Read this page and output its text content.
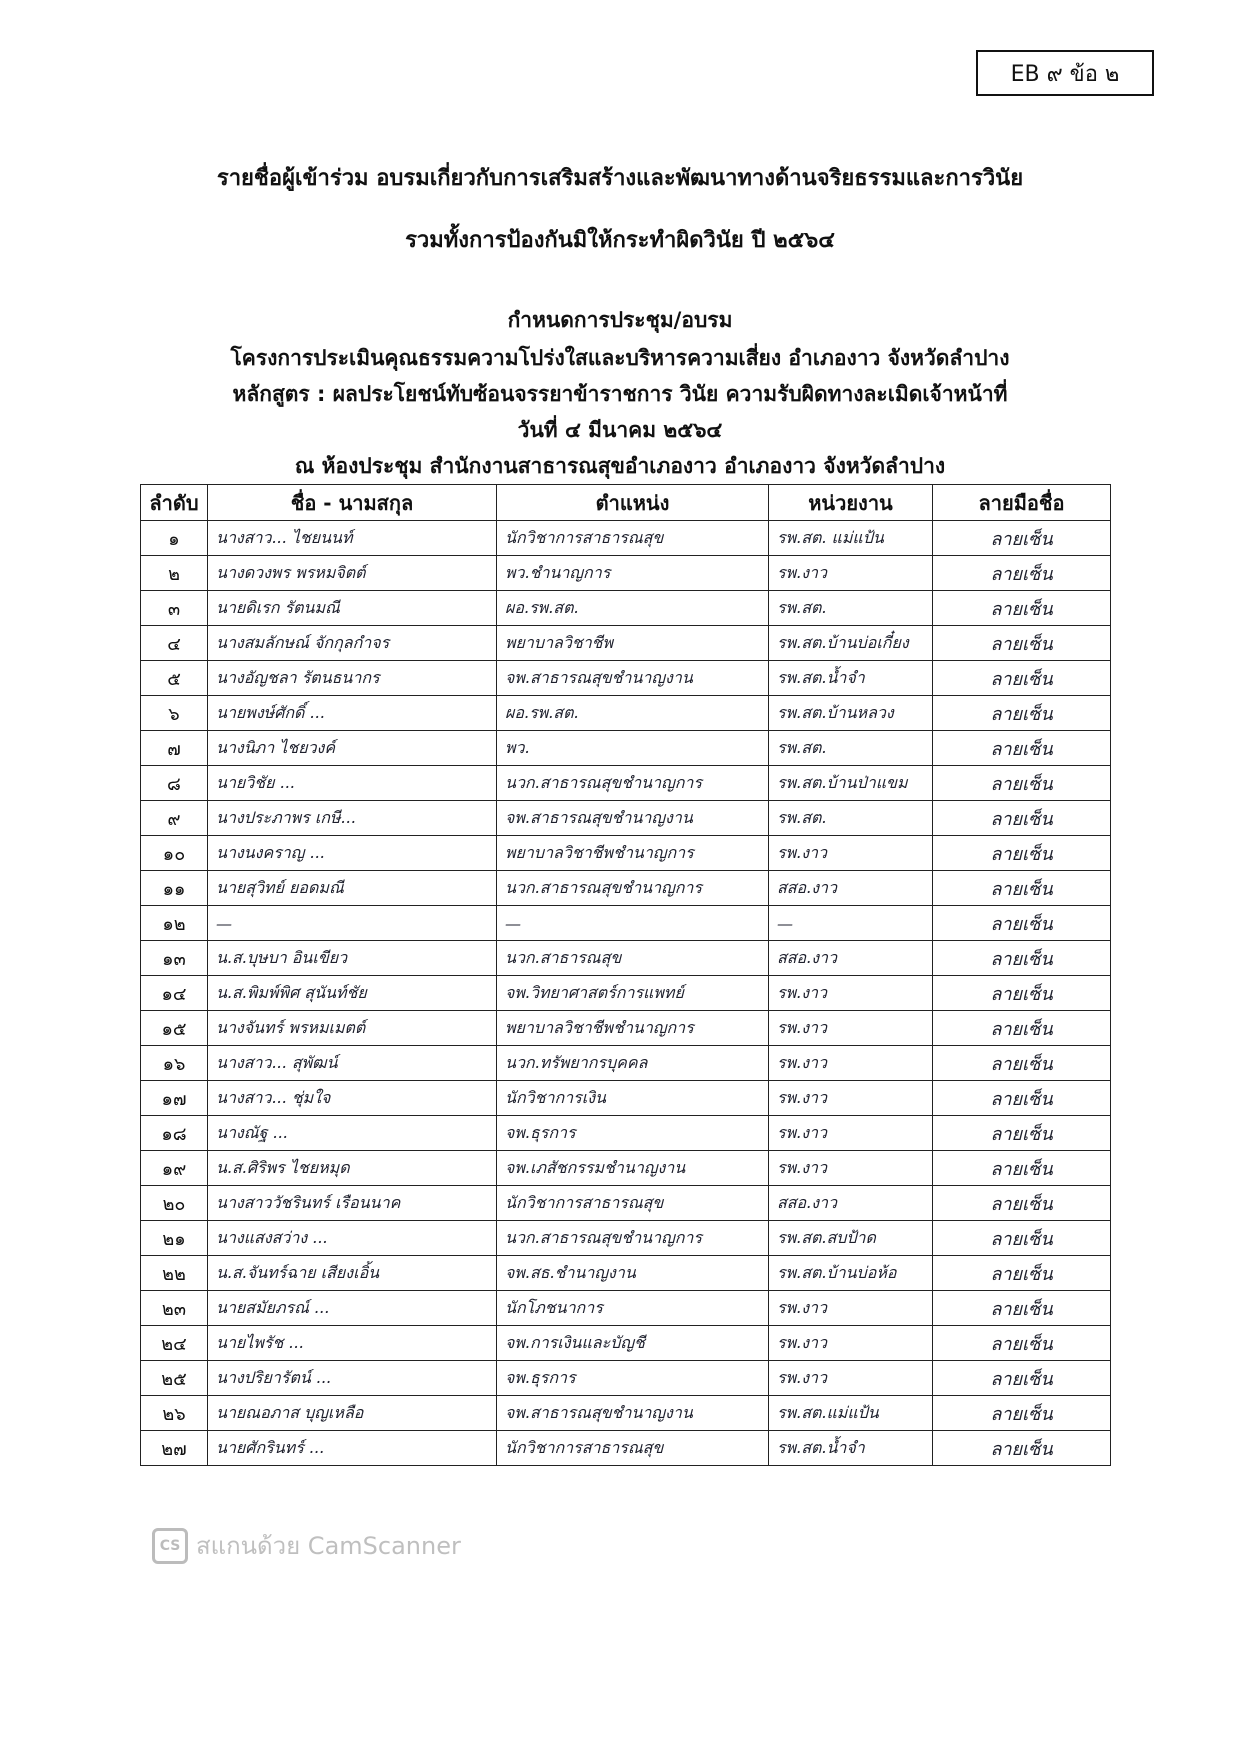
EB ๙ ข้อ ๒
รายชื่อผู้เข้าร่วม อบรมเกี่ยวกับการเสริมสร้างและพัฒนาทางด้านจริยธรรมและการวินัย
รวมทั้งการป้องกันมิให้กระทำผิดวินัย ปี ๒๕๖๔
กำหนดการประชุม/อบรม
โครงการประเมินคุณธรรมความโปร่งใสและบริหารความเสี่ยง อำเภองาว จังหวัดลำปาง
หลักสูตร : ผลประโยชน์ทับซ้อนจรรยาข้าราชการ วินัย ความรับผิดทางละเมิดเจ้าหน้าที่
วันที่ ๔ มีนาคม ๒๕๖๔
ณ ห้องประชุม สำนักงานสาธารณสุขอำเภองาว อำเภองาว จังหวัดลำปาง
ลำดับ	ชื่อ - นามสกุล	ตำแหน่ง	หน่วยงาน	ลายมือชื่อ
๑	นางสาว... ไชยนนท์	นักวิชาการสาธารณสุข	รพ.สต. แม่แป้น	ลายเซ็น
๒	นางดวงพร พรหมจิตต์	พว.ชำนาญการ	รพ.งาว	ลายเซ็น
๓	นายดิเรก รัตนมณี	ผอ.รพ.สต.	รพ.สต.	ลายเซ็น
๔	นางสมลักษณ์ จักกุลกำจร	พยาบาลวิชาชีพ	รพ.สต.บ้านบ่อเกี๋ยง	ลายเซ็น
๕	นางอัญชลา รัตนธนากร	จพ.สาธารณสุขชำนาญงาน	รพ.สต.น้ำจำ	ลายเซ็น
๖	นายพงษ์ศักดิ์ ...	ผอ.รพ.สต.	รพ.สต.บ้านหลวง	ลายเซ็น
๗	นางนิภา ไชยวงค์	พว.	รพ.สต.	ลายเซ็น
๘	นายวิชัย ...	นวก.สาธารณสุขชำนาญการ	รพ.สต.บ้านป่าแขม	ลายเซ็น
๙	นางประภาพร เกษี...	จพ.สาธารณสุขชำนาญงาน	รพ.สต.	ลายเซ็น
๑๐	นางนงคราญ ...	พยาบาลวิชาชีพชำนาญการ	รพ.งาว	ลายเซ็น
๑๑	นายสุวิทย์ ยอดมณี	นวก.สาธารณสุขชำนาญการ	สสอ.งาว	ลายเซ็น
๑๒	—	—	—	ลายเซ็น
๑๓	น.ส.บุษบา อินเขียว	นวก.สาธารณสุข	สสอ.งาว	ลายเซ็น
๑๔	น.ส.พิมพ์พิศ สุนันท์ชัย	จพ.วิทยาศาสตร์การแพทย์	รพ.งาว	ลายเซ็น
๑๕	นางจันทร์ พรหมเมตต์	พยาบาลวิชาชีพชำนาญการ	รพ.งาว	ลายเซ็น
๑๖	นางสาว... สุพัฒน์	นวก.ทรัพยากรบุคคล	รพ.งาว	ลายเซ็น
๑๗	นางสาว... ชุ่มใจ	นักวิชาการเงิน	รพ.งาว	ลายเซ็น
๑๘	นางณัฐ ...	จพ.ธุรการ	รพ.งาว	ลายเซ็น
๑๙	น.ส.ศิริพร ไชยหมุด	จพ.เภสัชกรรมชำนาญงาน	รพ.งาว	ลายเซ็น
๒๐	นางสาววัชรินทร์ เรือนนาค	นักวิชาการสาธารณสุข	สสอ.งาว	ลายเซ็น
๒๑	นางแสงสว่าง ...	นวก.สาธารณสุขชำนาญการ	รพ.สต.สบป้าด	ลายเซ็น
๒๒	น.ส.จันทร์ฉาย เสียงเอิ้น	จพ.สธ.ชำนาญงาน	รพ.สต.บ้านบ่อห้อ	ลายเซ็น
๒๓	นายสมัยภรณ์ ...	นักโภชนาการ	รพ.งาว	ลายเซ็น
๒๔	นายไพรัช ...	จพ.การเงินและบัญชี	รพ.งาว	ลายเซ็น
๒๕	นางปริยารัตน์ ...	จพ.ธุรการ	รพ.งาว	ลายเซ็น
๒๖	นายณอภาส บุญเหลือ	จพ.สาธารณสุขชำนาญงาน	รพ.สต.แม่แป้น	ลายเซ็น
๒๗	นายศักรินทร์ ...	นักวิชาการสาธารณสุข	รพ.สต.น้ำจำ	ลายเซ็น
CS สแกนด้วย CamScanner
